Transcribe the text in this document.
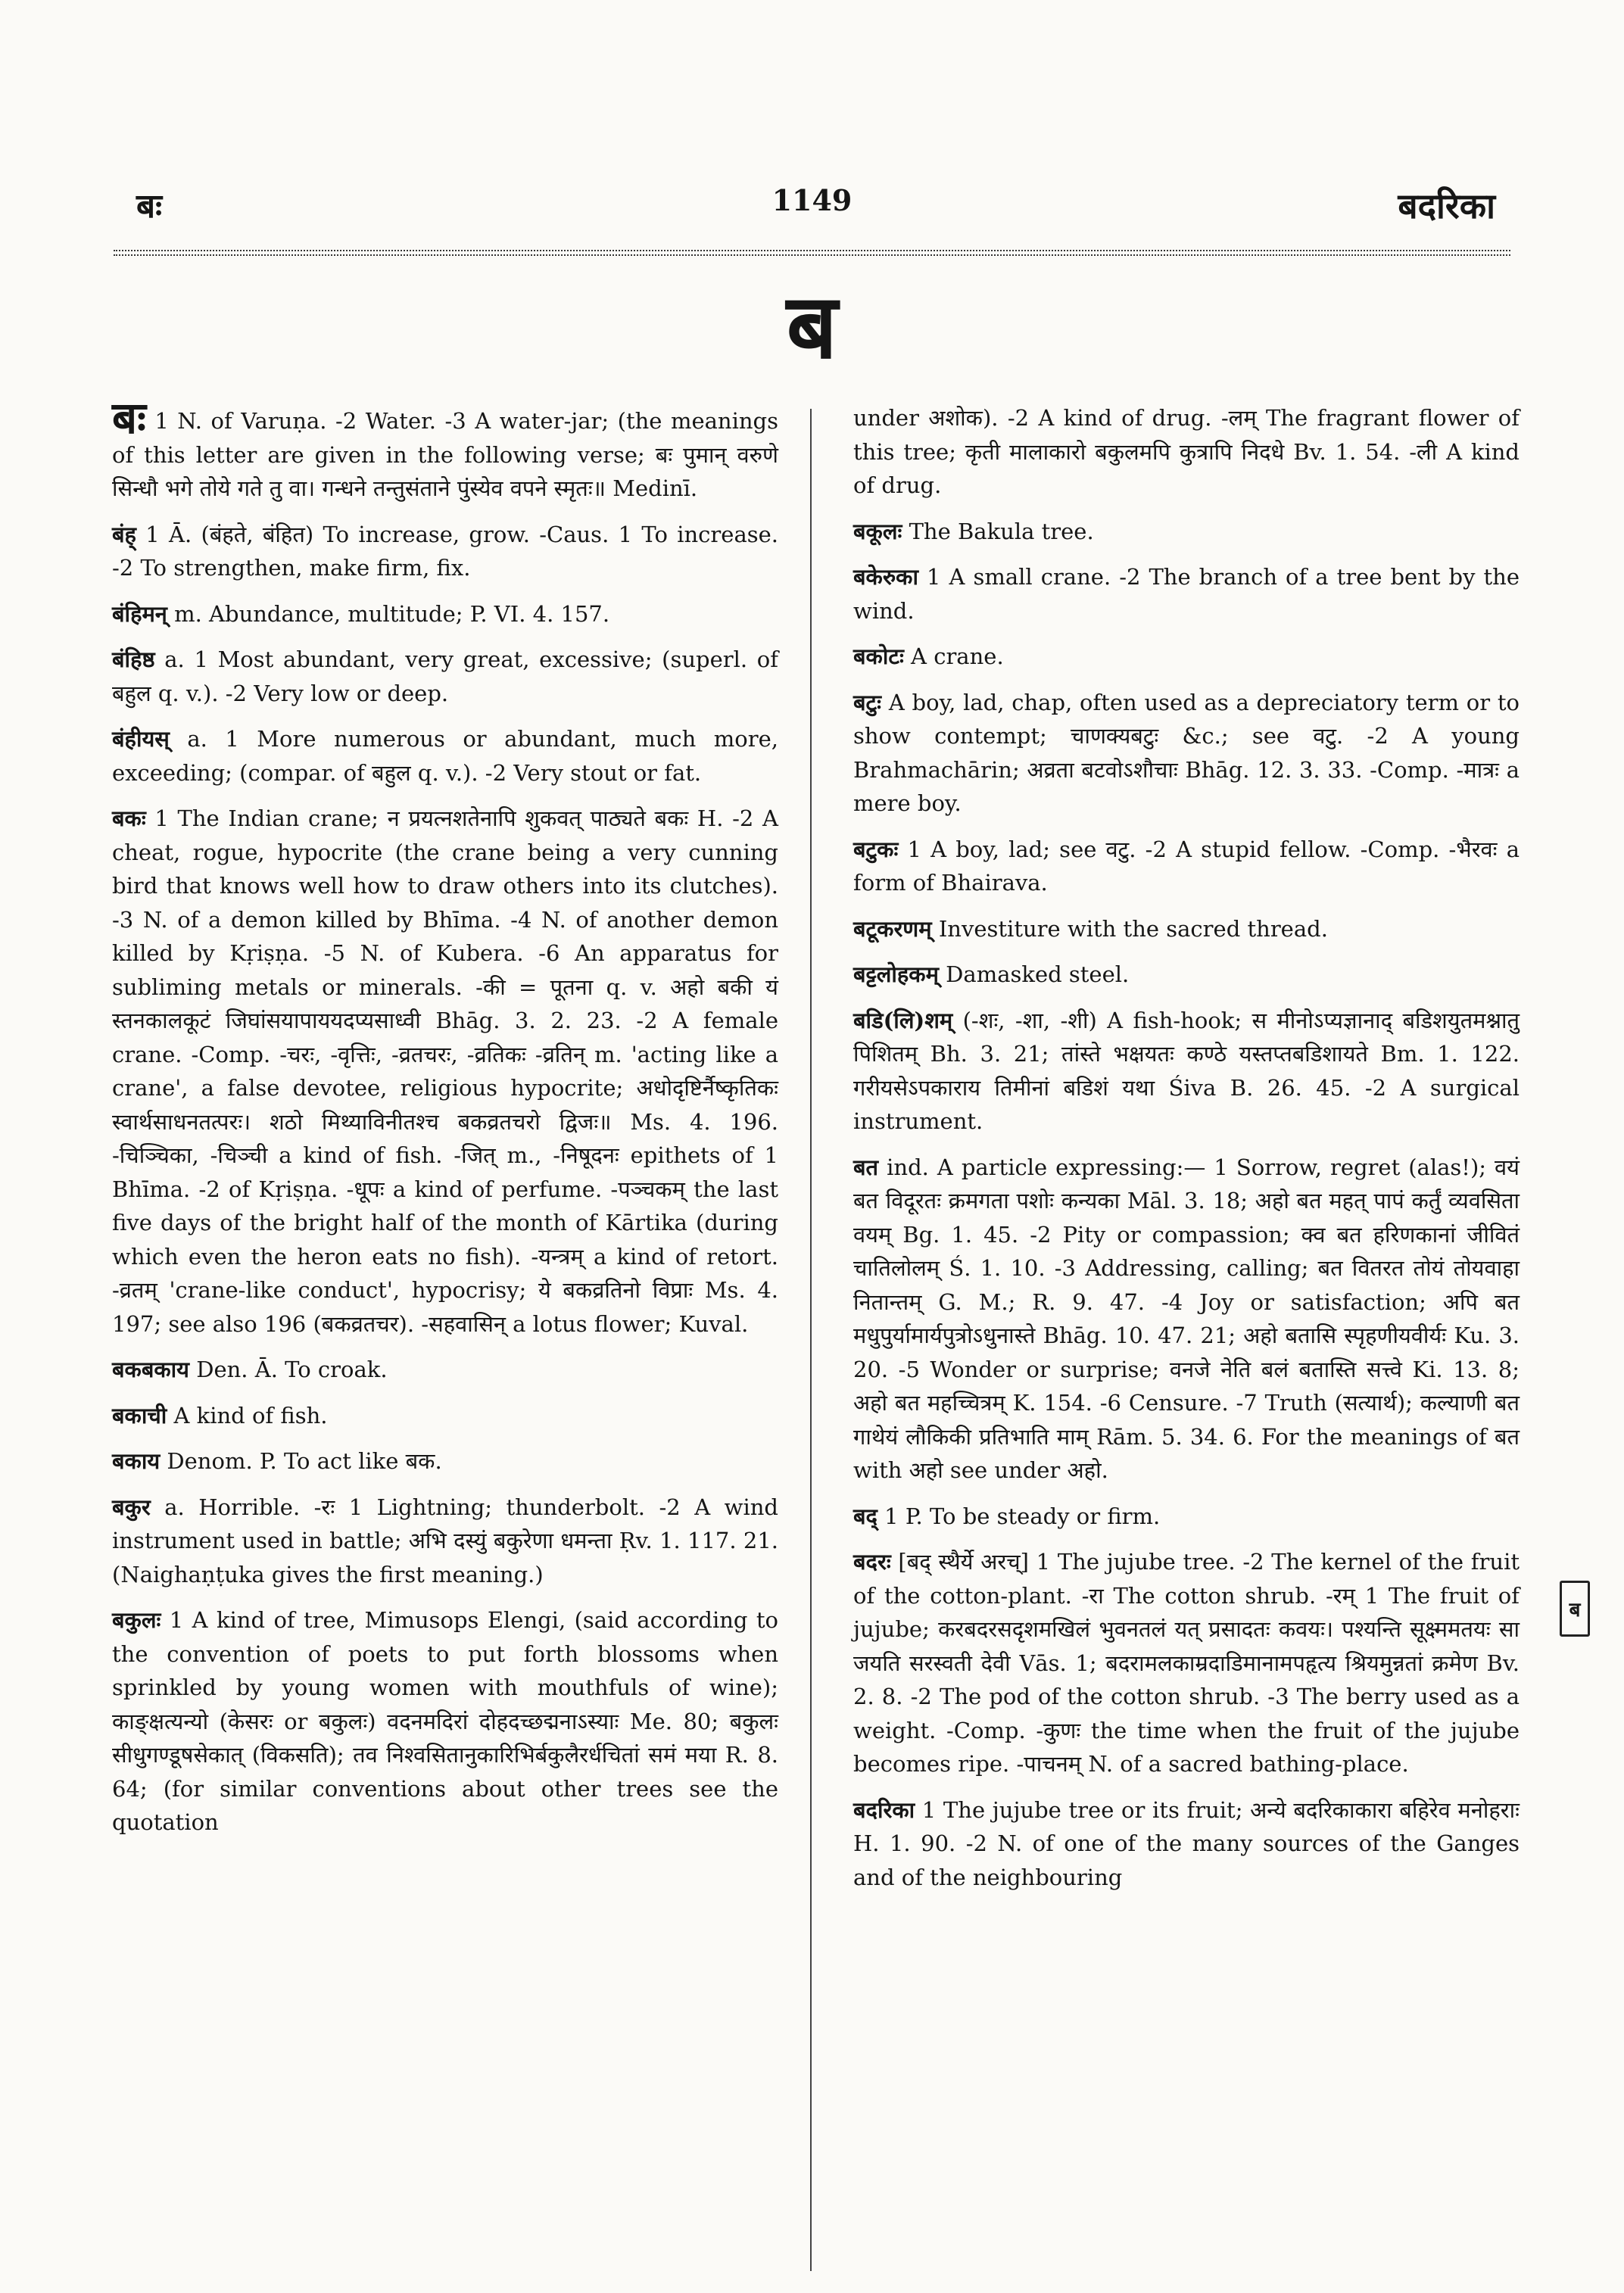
बः	1149	बदरिका
ब

बः 1 N. of Varuṇa. -2 Water. -3 A water-jar; (the meanings of this letter are given in the following verse; बः पुमान् वरुणे सिन्धौ भगे तोये गते तु वा। गन्धने तन्तुसंताने पुंस्येव वपने स्मृतः॥ Medinī.

बंह् 1 Ā. (बंहते, बंहित) To increase, grow. -Caus. 1 To increase. -2 To strengthen, make firm, fix.

बंहिमन् m. Abundance, multitude; P. VI. 4. 157.

बंहिष्ठ a. 1 Most abundant, very great, excessive; (superl. of बहुल q. v.). -2 Very low or deep.

बंहीयस् a. 1 More numerous or abundant, much more, exceeding; (compar. of बहुल q. v.). -2 Very stout or fat.

बकः 1 The Indian crane; न प्रयत्नशतेनापि शुकवत् पाठ्यते बकः H. -2 A cheat, rogue, hypocrite (the crane being a very cunning bird that knows well how to draw others into its clutches). -3 N. of a demon killed by Bhīma. -4 N. of another demon killed by Kṛiṣṇa. -5 N. of Kubera. -6 An apparatus for subliming metals or minerals. -की = पूतना q. v. अहो बकी यं स्तनकालकूटं जिघांसयापाययदप्यसाध्वी Bhāg. 3. 2. 23. -2 A female crane. -Comp. -चरः, -वृत्तिः, -व्रतचरः, -व्रतिकः -व्रतिन् m. 'acting like a crane', a false devotee, religious hypocrite; अधोदृष्टिर्नैष्कृतिकः स्वार्थसाधनतत्परः। शठो मिथ्याविनीतश्च बकव्रतचरो द्विजः॥ Ms. 4. 196. -चिञ्चिका, -चिञ्ची a kind of fish. -जित् m., -निषूदनः epithets of 1 Bhīma. -2 of Kṛiṣṇa. -धूपः a kind of perfume. -पञ्चकम् the last five days of the bright half of the month of Kārtika (during which even the heron eats no fish). -यन्त्रम् a kind of retort. -व्रतम् 'crane-like conduct', hypocrisy; ये बकव्रतिनो विप्राः Ms. 4. 197; see also 196 (बकव्रतचर). -सहवासिन् a lotus flower; Kuval.

बकबकाय Den. Ā. To croak.

बकाची A kind of fish.

बकाय Denom. P. To act like बक.

बकुर a. Horrible. -रः 1 Lightning; thunderbolt. -2 A wind instrument used in battle; अभि दस्युं बकुरेणा धमन्ता Ṛv. 1. 117. 21. (Naighaṇṭuka gives the first meaning.)

बकुलः 1 A kind of tree, Mimusops Elengi, (said according to the convention of poets to put forth blossoms when sprinkled by young women with mouthfuls of wine); काङ्क्षत्यन्यो (केसरः or बकुलः) वदनमदिरां दोहदच्छद्मनाऽस्याः Me. 80; बकुलः सीधुगण्डूषसेकात् (विकसति); तव निश्वसितानुकारिभिर्बकुलैरर्धचितां समं मया R. 8. 64; (for similar conventions about other trees see the quotation

under अशोक). -2 A kind of drug. -लम् The fragrant flower of this tree; कृती मालाकारो बकुलमपि कुत्रापि निदधे Bv. 1. 54. -ली A kind of drug.

बकूलः The Bakula tree.

बकेरुका 1 A small crane. -2 The branch of a tree bent by the wind.

बकोटः A crane.

बटुः A boy, lad, chap, often used as a depreciatory term or to show contempt; चाणक्यबटुः &c.; see वटु. -2 A young Brahmachārin; अव्रता बटवोऽशौचाः Bhāg. 12. 3. 33. -Comp. -मात्रः a mere boy.

बटुकः 1 A boy, lad; see वटु. -2 A stupid fellow. -Comp. -भैरवः a form of Bhairava.

बटूकरणम् Investiture with the sacred thread.

बट्टलोहकम् Damasked steel.

बडि(लि)शम् (-शः, -शा, -शी) A fish-hook; स मीनोऽप्यज्ञानाद् बडिशयुतमश्नातु पिशितम् Bh. 3. 21; तांस्ते भक्षयतः कण्ठे यस्तप्तबडिशायते Bm. 1. 122. गरीयसेऽपकाराय तिमीनां बडिशं यथा Śiva B. 26. 45. -2 A surgical instrument.

बत ind. A particle expressing:— 1 Sorrow, regret (alas!); वयं बत विदूरतः क्रमगता पशोः कन्यका Māl. 3. 18; अहो बत महत् पापं कर्तुं व्यवसिता वयम् Bg. 1. 45. -2 Pity or compassion; क्व बत हरिणकानां जीवितं चातिलोलम् Ś. 1. 10. -3 Addressing, calling; बत वितरत तोयं तोयवाहा नितान्तम् G. M.; R. 9. 47. -4 Joy or satisfaction; अपि बत मधुपुर्यामार्यपुत्रोऽधुनास्ते Bhāg. 10. 47. 21; अहो बतासि स्पृहणीयवीर्यः Ku. 3. 20. -5 Wonder or surprise; वनजे नेति बलं बतास्ति सत्त्वे Ki. 13. 8; अहो बत महच्चित्रम् K. 154. -6 Censure. -7 Truth (सत्यार्थ); कल्याणी बत गाथेयं लौकिकी प्रतिभाति माम् Rām. 5. 34. 6. For the meanings of बत with अहो see under अहो.

बद् 1 P. To be steady or firm.

बदरः [बद् स्थैर्ये अरच्] 1 The jujube tree. -2 The kernel of the fruit of the cotton-plant. -रा The cotton shrub. -रम् 1 The fruit of jujube; करबदरसदृशमखिलं भुवनतलं यत् प्रसादतः कवयः। पश्यन्ति सूक्ष्ममतयः सा जयति सरस्वती देवी Vās. 1; बदरामलकाम्रदाडिमानामपहृत्य श्रियमुन्नतां क्रमेण Bv. 2. 8. -2 The pod of the cotton shrub. -3 The berry used as a weight. -Comp. -कुणः the time when the fruit of the jujube becomes ripe. -पाचनम् N. of a sacred bathing-place.

बदरिका 1 The jujube tree or its fruit; अन्ये बदरिकाकारा बहिरेव मनोहराः H. 1. 90. -2 N. of one of the many sources of the Ganges and of the neighbouring

ब
